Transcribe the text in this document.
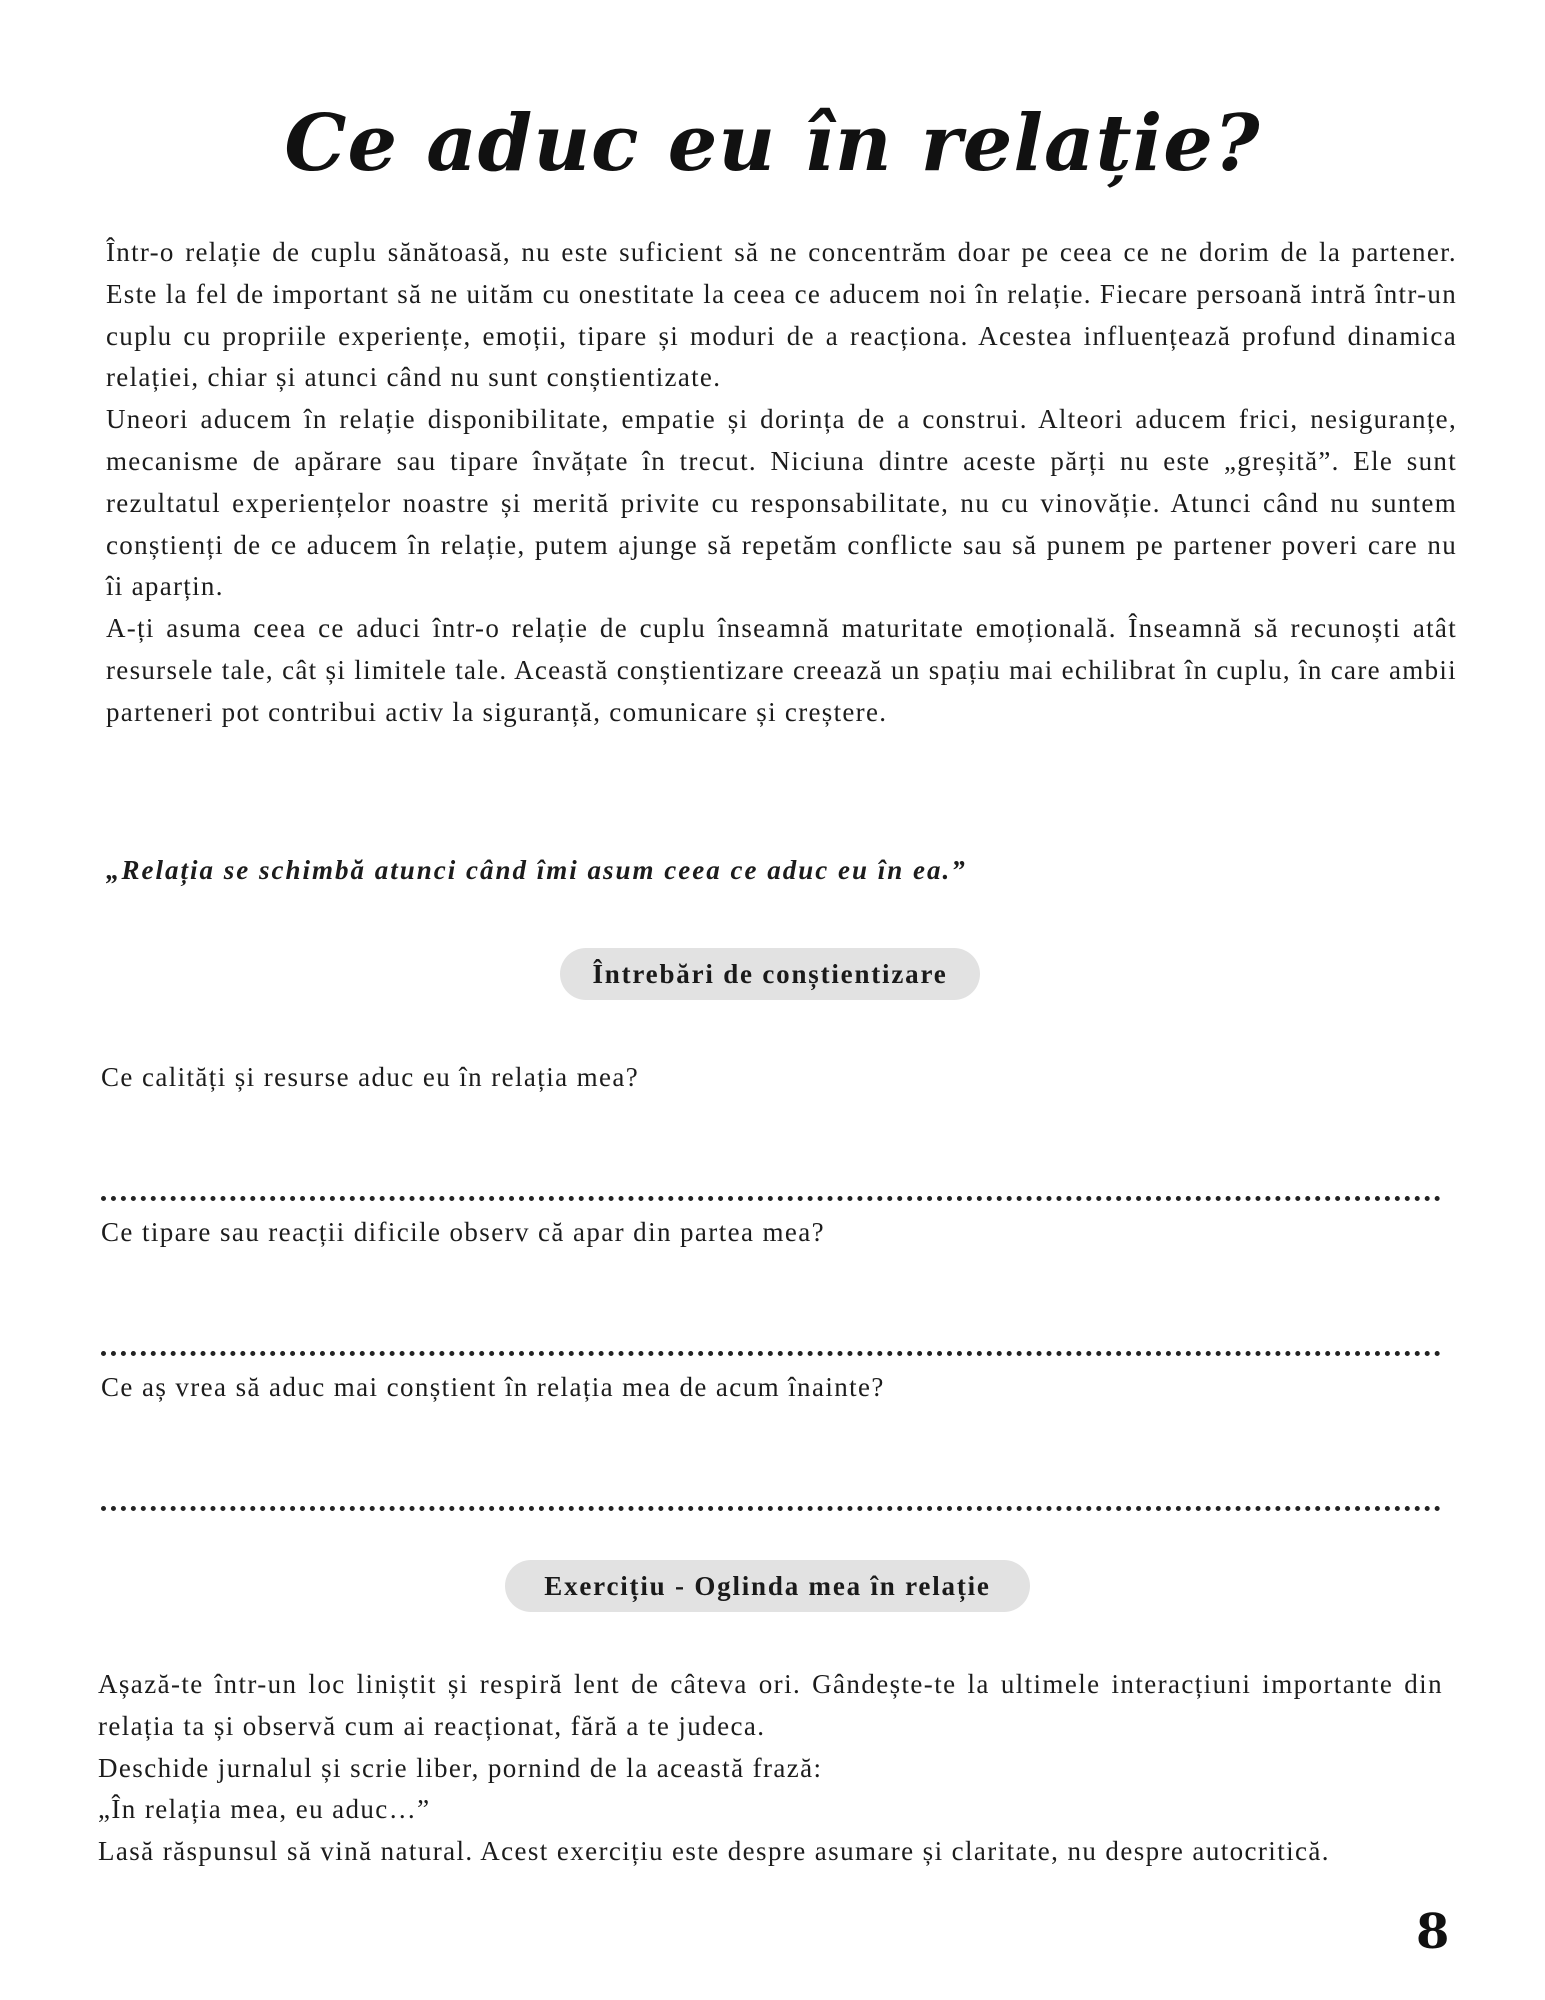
Ce aduc eu în relație?

Într-o relație de cuplu sănătoasă, nu este suficient să ne concentrăm doar pe ceea ce ne dorim de la partener. Este la fel de important să ne uităm cu onestitate la ceea ce aducem noi în relație. Fiecare persoană intră într-un cuplu cu propriile experiențe, emoții, tipare și moduri de a reacționa. Acestea influențează profund dinamica relației, chiar și atunci când nu sunt conștientizate.

Uneori aducem în relație disponibilitate, empatie și dorința de a construi. Alteori aducem frici, nesiguranțe, mecanisme de apărare sau tipare învățate în trecut. Niciuna dintre aceste părți nu este „greșită”. Ele sunt rezultatul experiențelor noastre și merită privite cu responsabilitate, nu cu vinovăție. Atunci când nu suntem conștienți de ce aducem în relație, putem ajunge să repetăm conflicte sau să punem pe partener poveri care nu îi aparțin.

A-ți asuma ceea ce aduci într-o relație de cuplu înseamnă maturitate emoțională. Înseamnă să recunoști atât resursele tale, cât și limitele tale. Această conștientizare creează un spațiu mai echilibrat în cuplu, în care ambii parteneri pot contribui activ la siguranță, comunicare și creștere.

„Relația se schimbă atunci când îmi asum ceea ce aduc eu în ea.”

Întrebări de conștientizare

Ce calități și resurse aduc eu în relația mea?

Ce tipare sau reacții dificile observ că apar din partea mea?

Ce aș vrea să aduc mai conștient în relația mea de acum înainte?

Exercițiu - Oglinda mea în relație

Așază-te într-un loc liniștit și respiră lent de câteva ori. Gândește-te la ultimele interacțiuni importante din relația ta și observă cum ai reacționat, fără a te judeca.

Deschide jurnalul și scrie liber, pornind de la această frază:

„În relația mea, eu aduc…”

Lasă răspunsul să vină natural. Acest exercițiu este despre asumare și claritate, nu despre autocritică.

8
